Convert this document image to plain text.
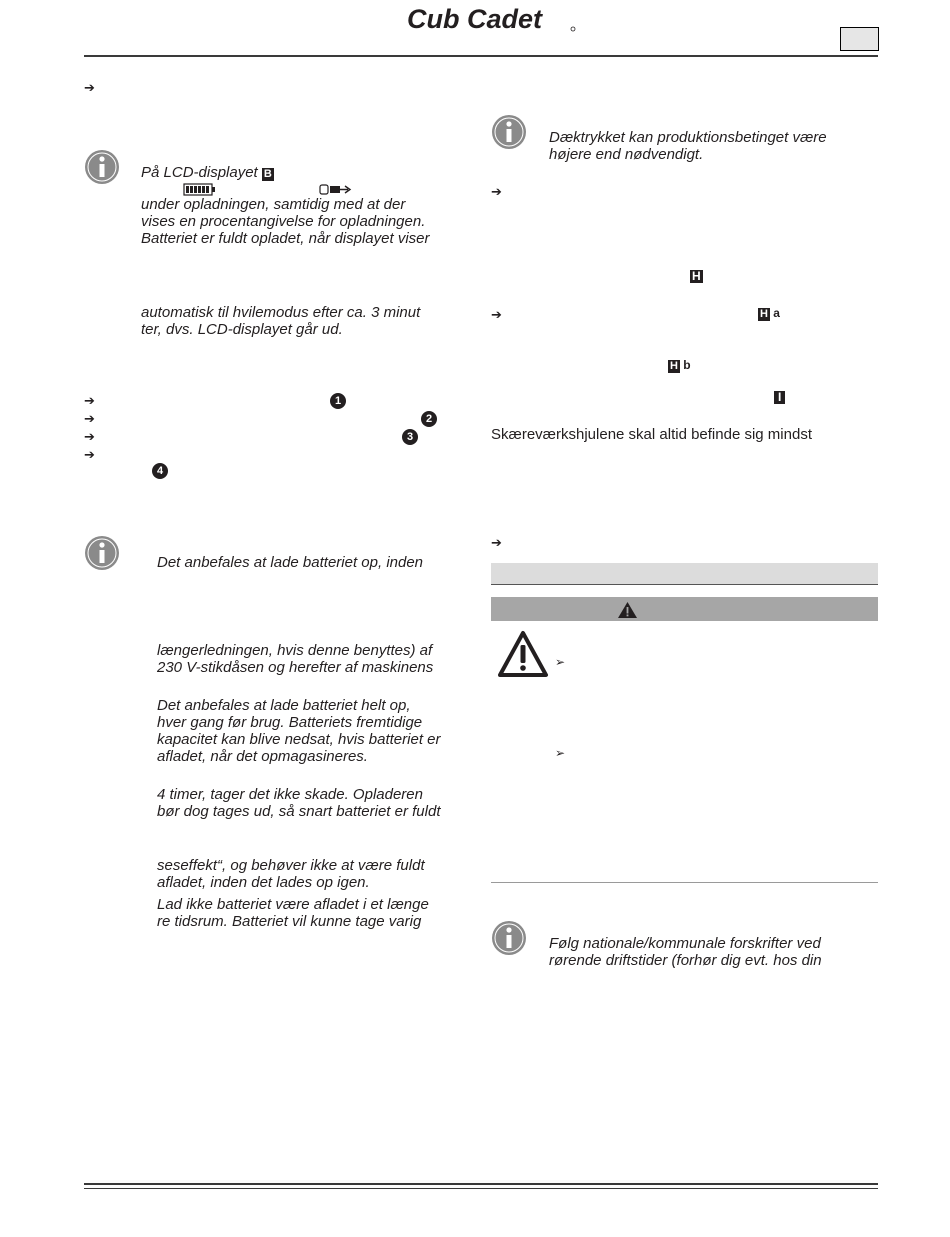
Cub Cadet
➔
På LCD-displayet B
under opladningen, samtidig med at der
vises en procentangivelse for opladningen.
Batteriet er fuldt opladet, når displayet viser
automatisk til hvilemodus efter ca. 3 minut
ter, dvs. LCD-displayet går ud.
➔
➔
➔
➔
1
2
3
4
Det anbefales at lade batteriet op, inden
længerledningen, hvis denne benyttes) af
230 V-stikdåsen og herefter af maskinens
Det anbefales at lade batteriet helt op,
hver gang før brug. Batteriets fremtidige
kapacitet kan blive nedsat, hvis batteriet er
afladet, når det opmagasineres.
4 timer, tager det ikke skade. Opladeren
bør dog tages ud, så snart batteriet er fuldt
seseffekt“, og behøver ikke at være fuldt
afladet, inden det lades op igen.
Lad ikke batteriet være afladet i et længe
re tidsrum. Batteriet vil kunne tage varig
Dæktrykket kan produktionsbetinget være
højere end nødvendigt.
➔
H
➔	H a
H b
I
Skæreværkshjulene skal altid befinde sig mindst
➔
➢
➢
Følg nationale/kommunale forskrifter ved
rørende driftstider (forhør dig evt. hos din
